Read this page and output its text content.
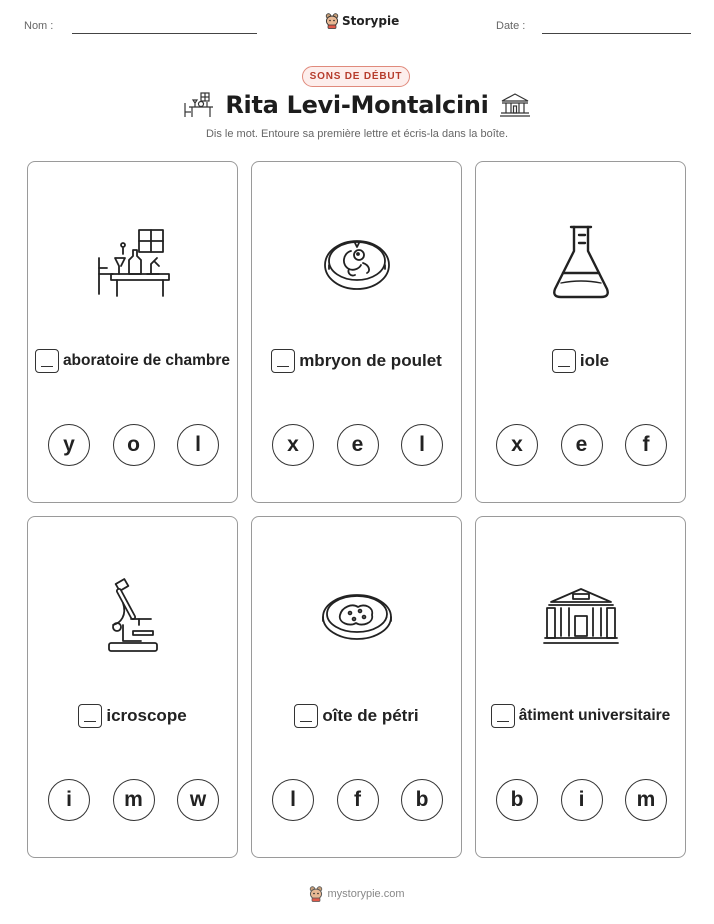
Nom :	Storypie	Date :
SONS DE DÉBUT
Rita Levi-Montalcini
Dis le mot. Entoure sa première lettre et écris-la dans la boîte.
aboratoire de chambre
y	o	l
mbryon de poulet
x	e	l
iole
x	e	f
icroscope
i	m	w
oîte de pétri
l	f	b
âtiment universitaire
b	i	m
mystorypie.com
